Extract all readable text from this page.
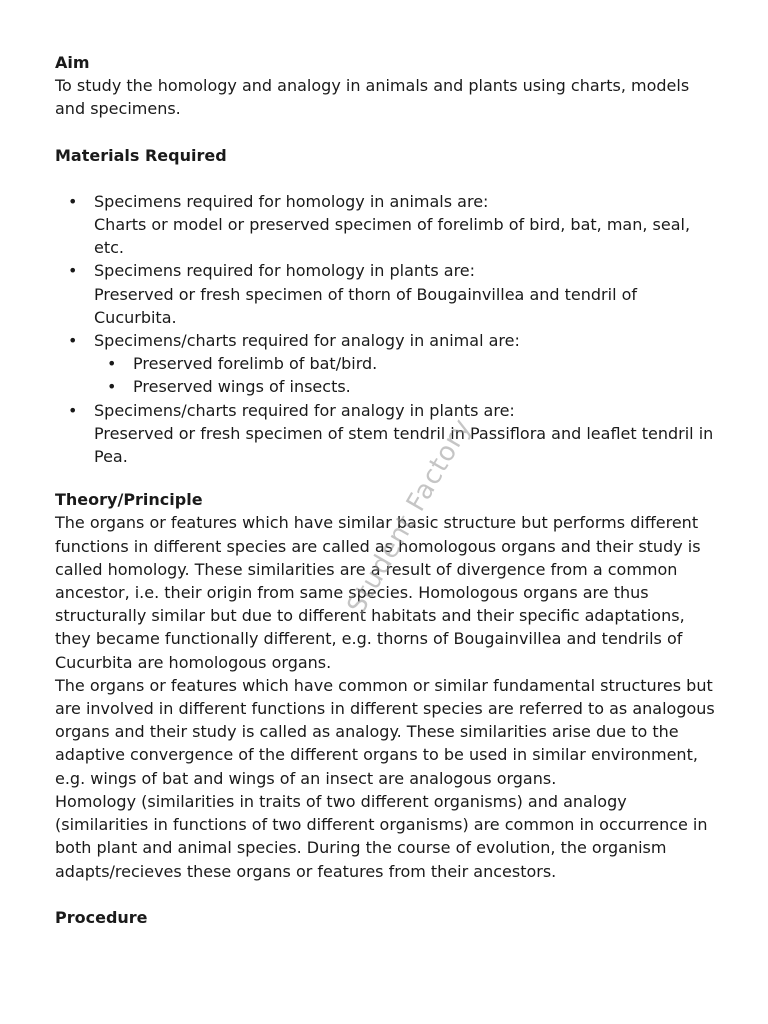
Aim

To study the homology and analogy in animals and plants using charts, models and specimens.

Materials Required
• Specimens required for homology in animals are:
Charts or model or preserved specimen of forelimb of bird, bat, man, seal, etc.
• Specimens required for homology in plants are:
Preserved or fresh specimen of thorn of Bougainvillea and tendril of Cucurbita.
• Specimens/charts required for analogy in animal are:
• Preserved forelimb of bat/bird.
• Preserved wings of insects.
• Specimens/charts required for analogy in plants are:
Preserved or fresh specimen of stem tendril in Passiflora and leaflet tendril in Pea.
Theory/Principle

The organs or features which have similar basic structure but performs different functions in different species are called as homologous organs and their study is called homology. These similarities are a result of divergence from a common ancestor, i.e. their origin from same species. Homologous organs are thus structurally similar but due to different habitats and their specific adaptations, they became functionally different, e.g. thorns of Bougainvillea and tendrils of Cucurbita are homologous organs.

The organs or features which have common or similar fundamental structures but are involved in different functions in different species are referred to as analogous organs and their study is called as analogy. These similarities arise due to the adaptive convergence of the different organs to be used in similar environment, e.g. wings of bat and wings of an insect are analogous organs.

Homology (similarities in traits of two different organisms) and analogy (similarities in functions of two different organisms) are common in occurrence in both plant and animal species. During the course of evolution, the organism adapts/recieves these organs or features from their ancestors.

Procedure
Student Factory
